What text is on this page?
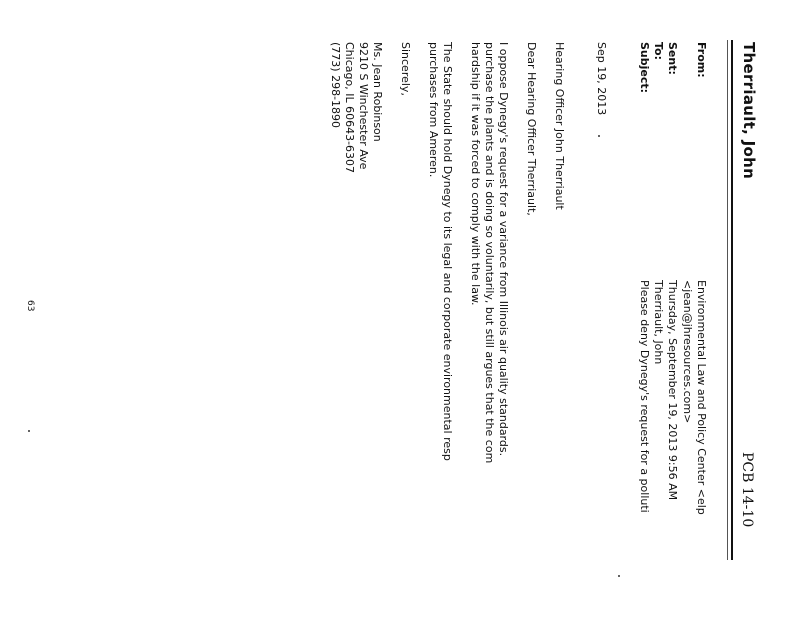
Therriault, John
PCB 14-10
From:
Environmental Law and Policy Center <elp
<jean@jhresources.com>
Sent:
Thursday, September 19, 2013 9:56 AM
To:
Therriault, John
Subject:
Please deny Dynegy's request for a polluti
Sep 19, 2013
Hearing Officer John Therriault
Dear Hearing Officer Therriault,
I oppose Dynegy's request for a variance from Illinois air quality standards.
purchase the plants and is doing so voluntarily, but still argues that the com
hardship if it was forced to comply with the law.
The State should hold Dynegy to its legal and corporate environmental resp
purchases from Ameren.
Sincerely,
Ms. Jean Robinson
9210 S Winchester Ave
Chicago, IL 60643-6307
(773) 298-1890
63
